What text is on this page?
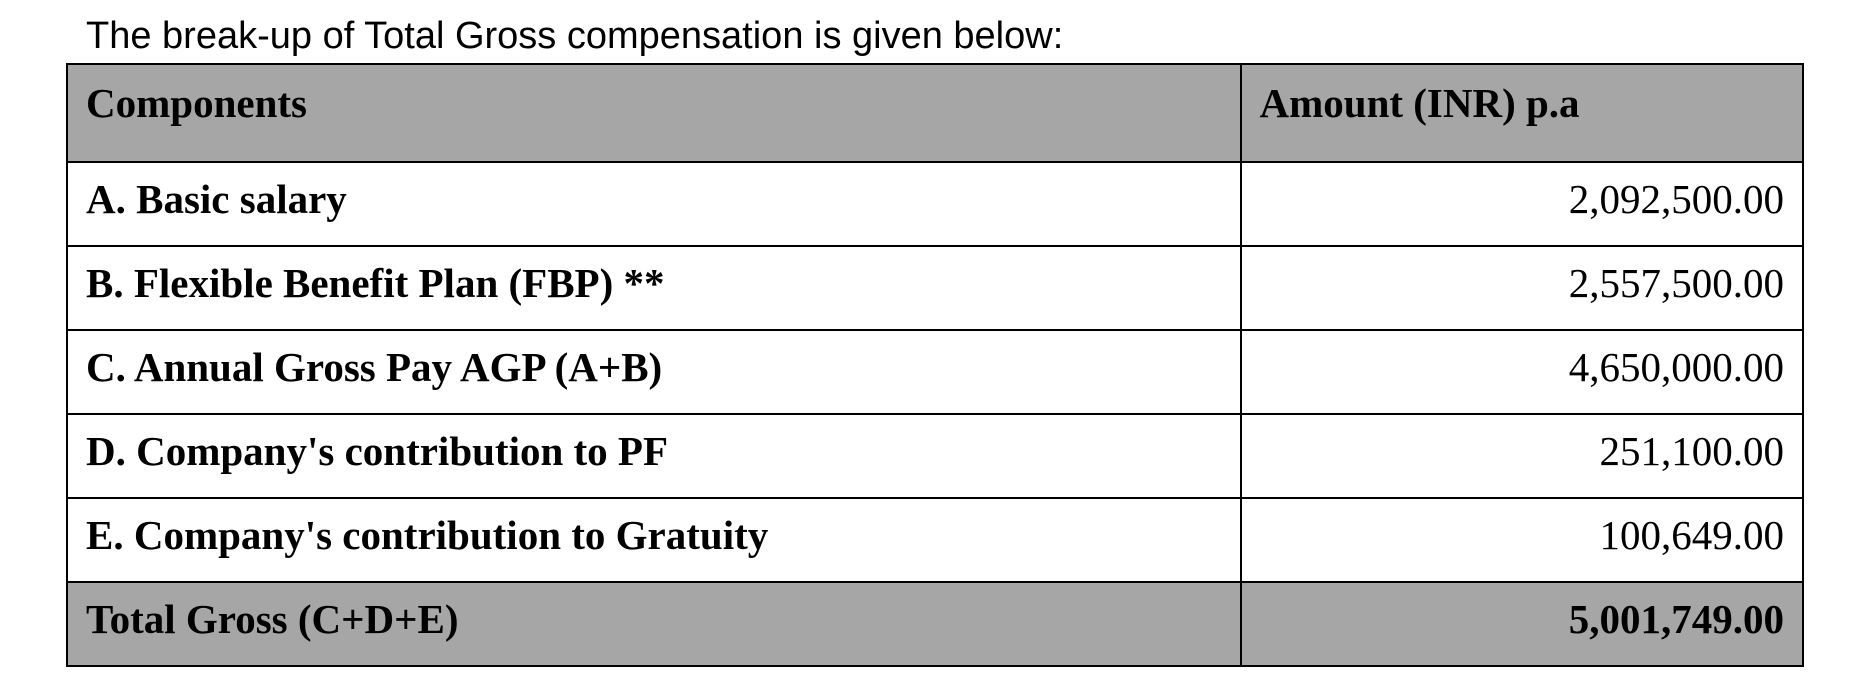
The break-up of Total Gross compensation is given below:
Components	Amount (INR) p.a
A. Basic salary	2,092,500.00
B. Flexible Benefit Plan (FBP) **	2,557,500.00
C. Annual Gross Pay AGP (A+B)	4,650,000.00
D. Company's contribution to PF	251,100.00
E. Company's contribution to Gratuity	100,649.00
Total Gross (C+D+E)	5,001,749.00
